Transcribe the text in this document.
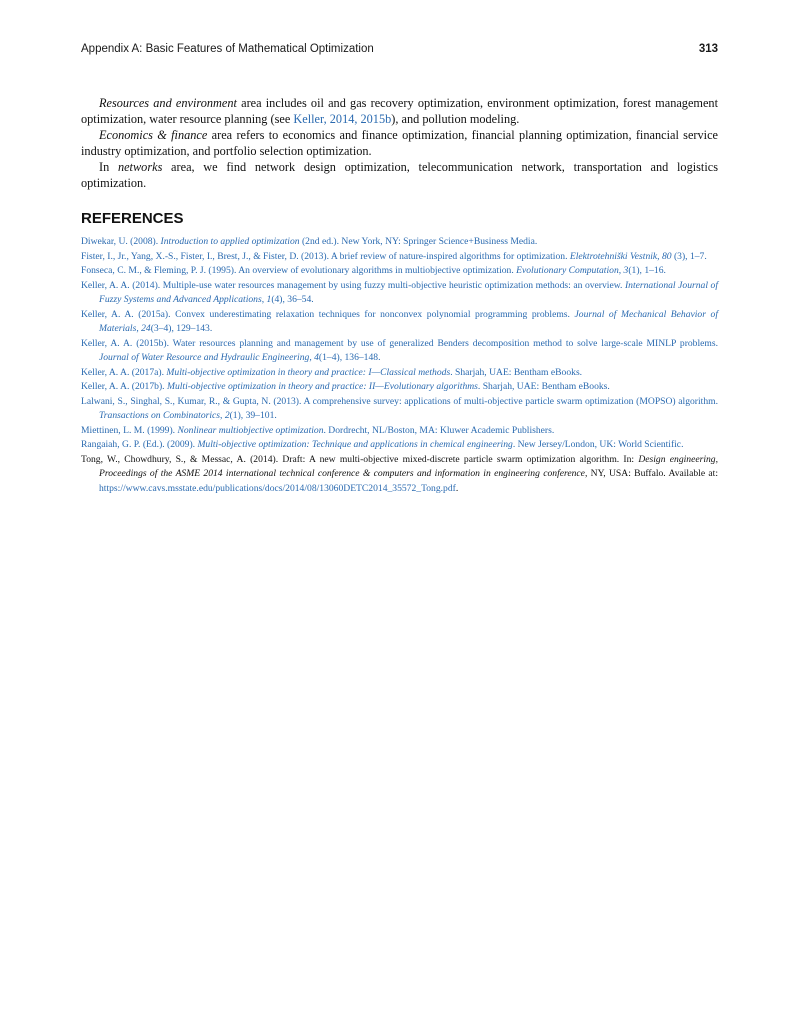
Appendix A: Basic Features of Mathematical Optimization	313

Resources and environment area includes oil and gas recovery optimization, environment optimization, forest management optimization, water resource planning (see Keller, 2014, 2015b), and pollution modeling.

Economics & finance area refers to economics and finance optimization, financial planning optimization, financial service industry optimization, and portfolio selection optimization.

In networks area, we find network design optimization, telecommunication network, transportation and logistics optimization.

REFERENCES

Diwekar, U. (2008). Introduction to applied optimization (2nd ed.). New York, NY: Springer Science+Business Media.

Fister, I., Jr., Yang, X.-S., Fister, I., Brest, J., & Fister, D. (2013). A brief review of nature-inspired algorithms for optimization. Elektrotehniški Vestnik, 80 (3), 1–7.

Fonseca, C. M., & Fleming, P. J. (1995). An overview of evolutionary algorithms in multiobjective optimization. Evolutionary Computation, 3(1), 1–16.

Keller, A. A. (2014). Multiple-use water resources management by using fuzzy multi-objective heuristic optimization methods: an overview. International Journal of Fuzzy Systems and Advanced Applications, 1(4), 36–54.

Keller, A. A. (2015a). Convex underestimating relaxation techniques for nonconvex polynomial programming problems. Journal of Mechanical Behavior of Materials, 24(3–4), 129–143.

Keller, A. A. (2015b). Water resources planning and management by use of generalized Benders decomposition method to solve large-scale MINLP problems. Journal of Water Resource and Hydraulic Engineering, 4(1–4), 136–148.

Keller, A. A. (2017a). Multi-objective optimization in theory and practice: I—Classical methods. Sharjah, UAE: Bentham eBooks.

Keller, A. A. (2017b). Multi-objective optimization in theory and practice: II—Evolutionary algorithms. Sharjah, UAE: Bentham eBooks.

Lalwani, S., Singhal, S., Kumar, R., & Gupta, N. (2013). A comprehensive survey: applications of multi-objective particle swarm optimization (MOPSO) algorithm. Transactions on Combinatorics, 2(1), 39–101.

Miettinen, L. M. (1999). Nonlinear multiobjective optimization. Dordrecht, NL/Boston, MA: Kluwer Academic Publishers.

Rangaiah, G. P. (Ed.). (2009). Multi-objective optimization: Technique and applications in chemical engineering. New Jersey/London, UK: World Scientific.

Tong, W., Chowdhury, S., & Messac, A. (2014). Draft: A new multi-objective mixed-discrete particle swarm optimization algorithm. In: Design engineering, Proceedings of the ASME 2014 international technical conference & computers and information in engineering conference, NY, USA: Buffalo. Available at: https://www.cavs.msstate.edu/publications/docs/2014/08/13060DETC2014_35572_Tong.pdf.
